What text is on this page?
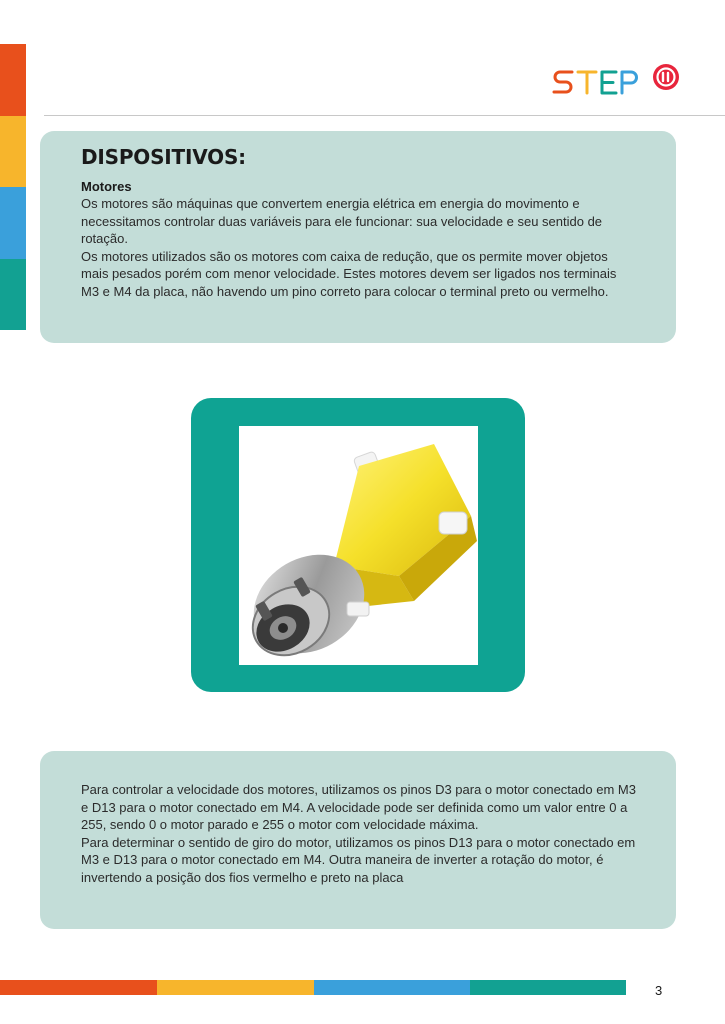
DISPOSITIVOS:

Motores

Os motores são máquinas que convertem energia elétrica em energia do movimento e necessitamos controlar duas variáveis para ele funcionar: sua velocidade e seu sentido de rotação.

Os motores utilizados são os motores com caixa de redução, que os permite mover objetos mais pesados porém com menor velocidade. Estes motores devem ser ligados nos terminais M3 e M4 da placa, não havendo um pino correto para colocar o terminal preto ou vermelho.

Para controlar a velocidade dos motores, utilizamos os pinos D3 para o motor conectado em M3 e D13 para o motor conectado em M4. A velocidade pode ser definida como um valor entre 0 a 255, sendo 0 o motor parado e 255 o motor com velocidade máxima.

Para determinar o sentido de giro do motor, utilizamos os pinos D13 para o motor conectado em M3 e D13 para o motor conectado em M4. Outra maneira de inverter a rotação do motor, é invertendo a posição dos fios vermelho e preto na placa

3
